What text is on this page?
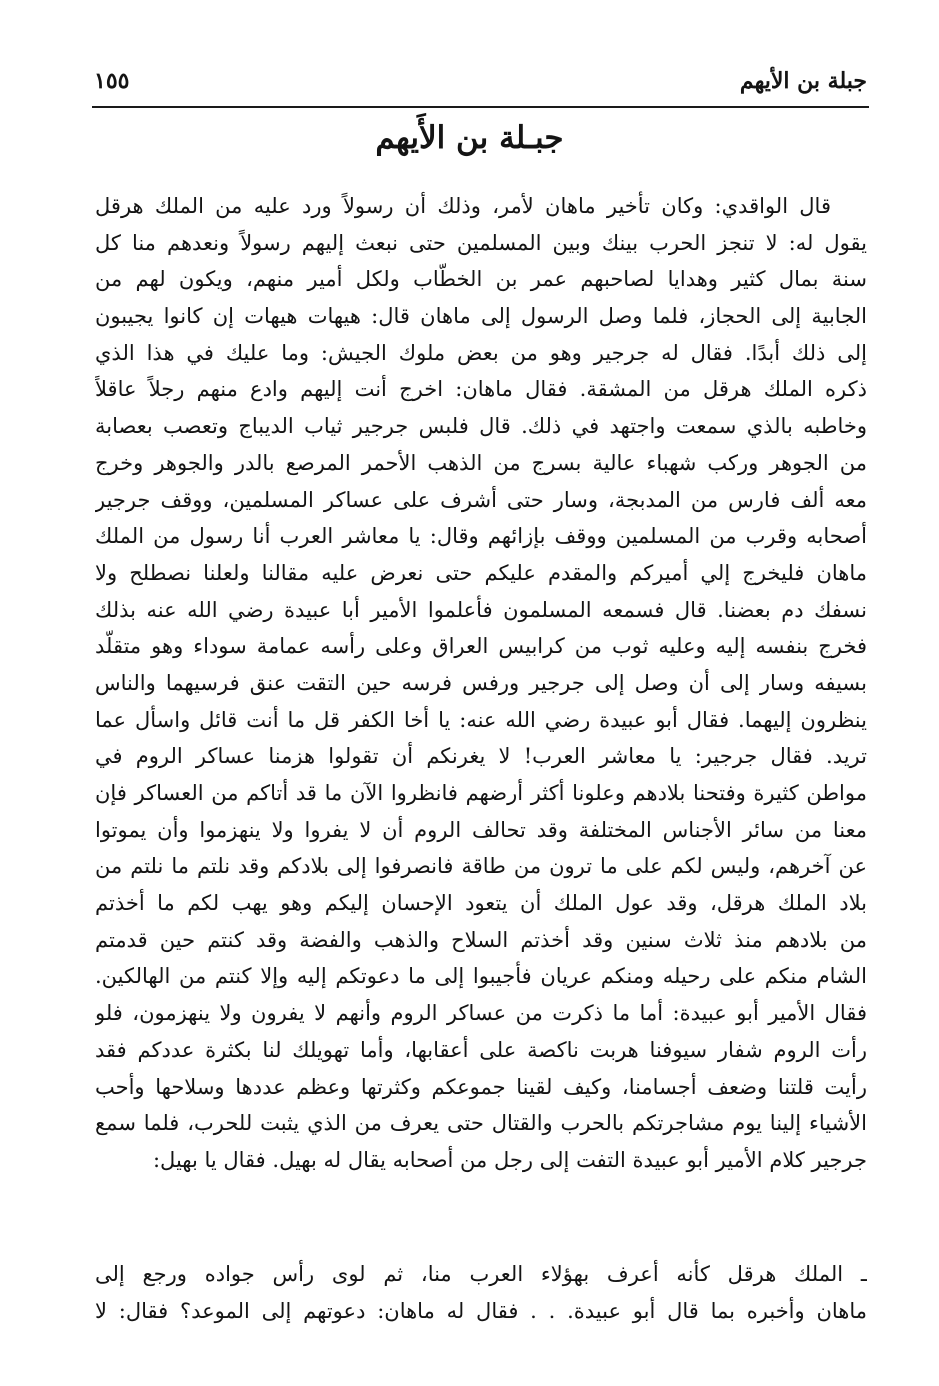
جبلة بن الأيهم
١٥٥
جبـلة بن الأَيهم
قال الواقدي: وكان تأخير ماهان لأمر، وذلك أن رسولاً ورد عليه من الملك هرقل
يقول له: لا تنجز الحرب بينك وبين المسلمين حتى نبعث إليهم رسولاً ونعدهم منا كل
سنة بمال كثير وهدايا لصاحبهم عمر بن الخطّاب ولكل أمير منهم، ويكون لهم من
الجابية إلى الحجاز، فلما وصل الرسول إلى ماهان قال: هيهات هيهات إن كانوا يجيبون
إلى ذلك أبدًا. فقال له جرجير وهو من بعض ملوك الجيش: وما عليك في هذا الذي
ذكره الملك هرقل من المشقة. فقال ماهان: اخرج أنت إليهم وادع منهم رجلاً عاقلاً
وخاطبه بالذي سمعت واجتهد في ذلك. قال فلبس جرجير ثياب الديباج وتعصب بعصابة
من الجوهر وركب شهباء عالية بسرج من الذهب الأحمر المرصع بالدر والجوهر وخرج
معه ألف فارس من المدبجة، وسار حتى أشرف على عساكر المسلمين، ووقف جرجير
أصحابه وقرب من المسلمين ووقف بإزائهم وقال: يا معاشر العرب أنا رسول من الملك
ماهان فليخرج إلي أميركم والمقدم عليكم حتى نعرض عليه مقالنا ولعلنا نصطلح ولا
نسفك دم بعضنا. قال فسمعه المسلمون فأعلموا الأمير أبا عبيدة رضي الله عنه بذلك
فخرج بنفسه إليه وعليه ثوب من كرابيس العراق وعلى رأسه عمامة سوداء وهو متقلّد
بسيفه وسار إلى أن وصل إلى جرجير ورفس فرسه حين التقت عنق فرسيهما والناس
ينظرون إليهما. فقال أبو عبيدة رضي الله عنه: يا أخا الكفر قل ما أنت قائل واسأل عما
تريد. فقال جرجير: يا معاشر العرب! لا يغرنكم أن تقولوا هزمنا عساكر الروم في
مواطن كثيرة وفتحنا بلادهم وعلونا أكثر أرضهم فانظروا الآن ما قد أتاكم من العساكر فإن
معنا من سائر الأجناس المختلفة وقد تحالف الروم أن لا يفروا ولا ينهزموا وأن يموتوا
عن آخرهم، وليس لكم على ما ترون من طاقة فانصرفوا إلى بلادكم وقد نلتم ما نلتم من
بلاد الملك هرقل، وقد عول الملك أن يتعود الإحسان إليكم وهو يهب لكم ما أخذتم
من بلادهم منذ ثلاث سنين وقد أخذتم السلاح والذهب والفضة وقد كنتم حين قدمتم
الشام منكم على رحيله ومنكم عريان فأجيبوا إلى ما دعوتكم إليه وإلا كنتم من الهالكين.
فقال الأمير أبو عبيدة: أما ما ذكرت من عساكر الروم وأنهم لا يفرون ولا ينهزمون، فلو
رأت الروم شفار سيوفنا هربت ناكصة على أعقابها، وأما تهويلك لنا بكثرة عددكم فقد
رأيت قلتنا وضعف أجسامنا، وكيف لقينا جموعكم وكثرتها وعظم عددها وسلاحها وأحب
الأشياء إلينا يوم مشاجرتكم بالحرب والقتال حتى يعرف من الذي يثبت للحرب، فلما سمع
جرجير كلام الأمير أبو عبيدة التفت إلى رجل من أصحابه يقال له بهيل. فقال يا بهيل:
ـ الملك هرقل كأنه أعرف بهؤلاء العرب منا، ثم لوى رأس جواده ورجع إلى
ماهان وأخبره بما قال أبو عبيدة. . . فقال له ماهان: دعوتهم إلى الموعد؟ فقال: لا
